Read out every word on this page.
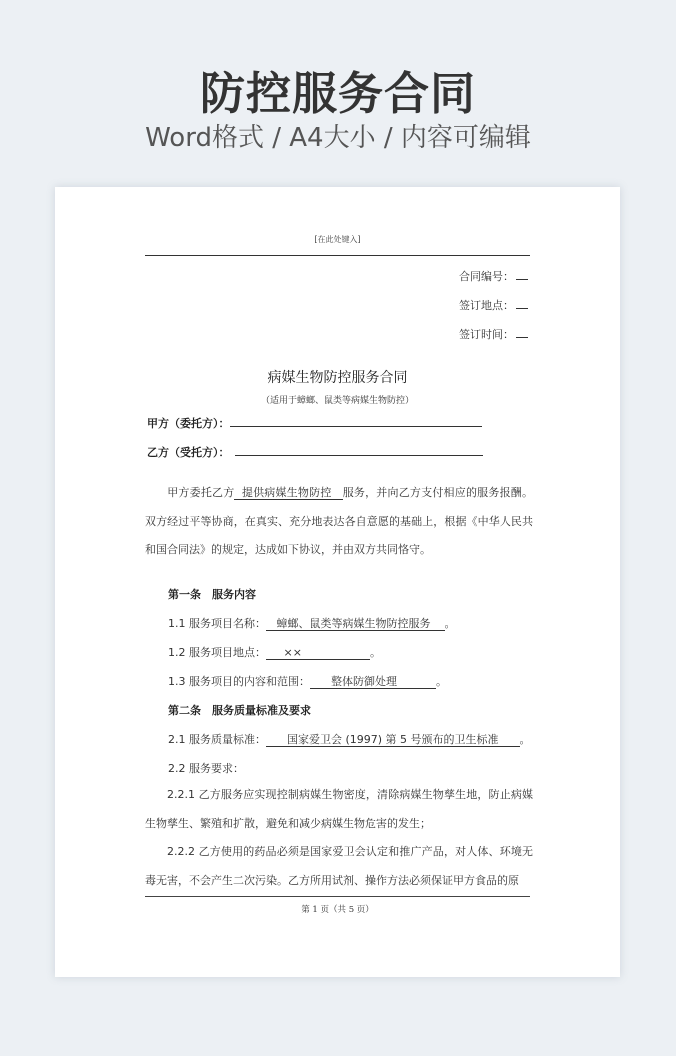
防控服务合同
Word格式 / A4大小 / 内容可编辑
[在此处键入]
合同编号：
签订地点：
签订时间：
病媒生物防控服务合同
（适用于蟑螂、鼠类等病媒生物防控）
甲方（委托方）：
乙方（受托方）：
甲方委托乙方 提供病媒生物防控 服务，并向乙方支付相应的服务报酬。双方经过平等协商，在真实、充分地表达各自意愿的基础上，根据《中华人民共和国合同法》的规定，达成如下协议，并由双方共同恪守。
第一条　服务内容
1.1 服务项目名称： 蟑螂、鼠类等病媒生物防控服务 。
1.2 服务项目地点： ××	。
1.3 服务项目的内容和范围： 整体防御处理	。
第二条　服务质量标准及要求
2.1 服务质量标准： 国家爱卫会 (1997) 第 5 号颁布的卫生标准 。
2.2 服务要求：
2.2.1 乙方服务应实现控制病媒生物密度，清除病媒生物孳生地，防止病媒生物孳生、繁殖和扩散，避免和减少病媒生物危害的发生；
2.2.2 乙方使用的药品必须是国家爱卫会认定和推广产品，对人体、环境无毒无害，不会产生二次污染。乙方所用试剂、操作方法必须保证甲方食品的原
第 1 页（共 5 页）
